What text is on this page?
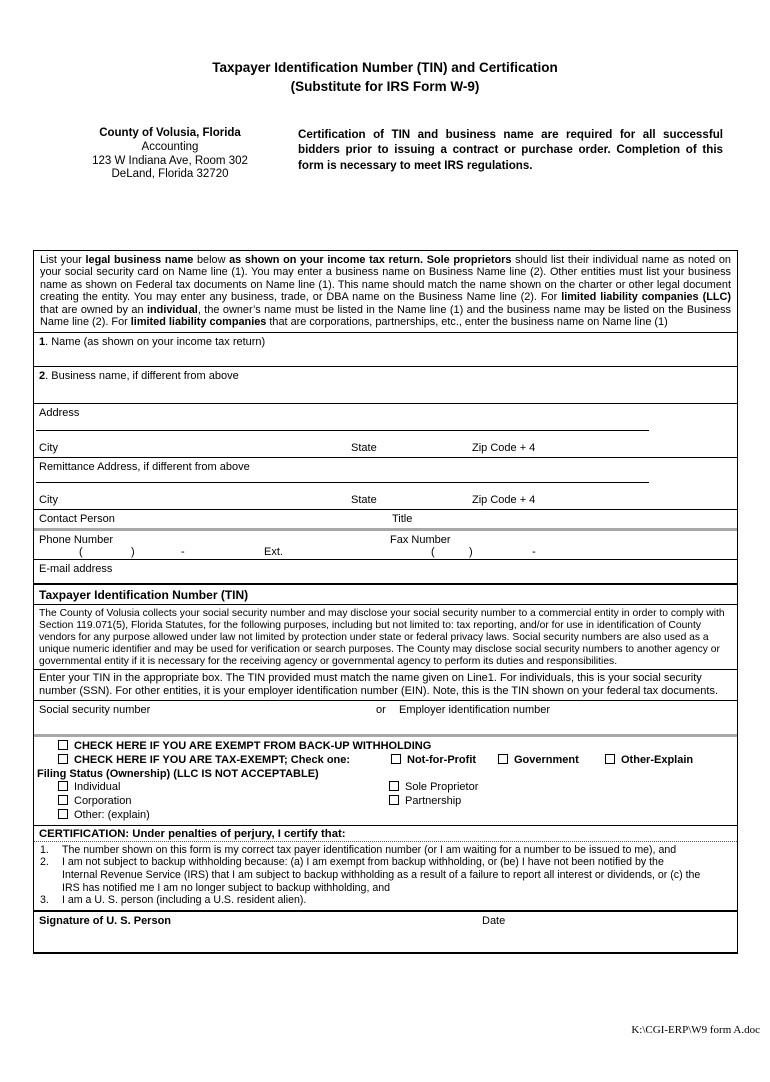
Taxpayer Identification Number (TIN) and Certification
(Substitute for IRS Form W-9)
County of Volusia, Florida
Accounting
123 W Indiana Ave, Room 302
DeLand, Florida 32720
Certification of TIN and business name are required for all successful bidders prior to issuing a contract or purchase order. Completion of this form is necessary to meet IRS regulations.
List your legal business name below as shown on your income tax return. Sole proprietors should list their individual name as noted on your social security card on Name line (1). You may enter a business name on Business Name line (2). Other entities must list your business name as shown on Federal tax documents on Name line (1). This name should match the name shown on the charter or other legal document creating the entity. You may enter any business, trade, or DBA name on the Business Name line (2). For limited liability companies (LLC) that are owned by an individual, the owner’s name must be listed in the Name line (1) and the business name may be listed on the Business Name line (2). For limited liability companies that are corporations, partnerships, etc., enter the business name on Name line (1)
1. Name (as shown on your income tax return)
2. Business name, if different from above
Address
City	State	Zip Code + 4
Remittance Address, if different from above
City	State	Zip Code + 4
Contact Person	Title
Phone Number	Fax Number
(	)	-	Ext.	(	)	-
E-mail address
Taxpayer Identification Number (TIN)
The County of Volusia collects your social security number and may disclose your social security number to a commercial entity in order to comply with Section 119.071(5), Florida Statutes, for the following purposes, including but not limited to: tax reporting, and/or for use in identification of County vendors for any purpose allowed under law not limited by protection under state or federal privacy laws. Social security numbers are also used as a unique numeric identifier and may be used for verification or search purposes. The County may disclose social security numbers to another agency or governmental entity if it is necessary for the receiving agency or governmental agency to perform its duties and responsibilities.
Enter your TIN in the appropriate box. The TIN provided must match the name given on Line1. For individuals, this is your social security number (SSN). For other entities, it is your employer identification number (EIN). Note, this is the TIN shown on your federal tax documents.
Social security number	or Employer identification number
CHECK HERE IF YOU ARE EXEMPT FROM BACK-UP WITHHOLDING
CHECK HERE IF YOU ARE TAX-EXEMPT; Check one:	Not-for-Profit	Government	Other-Explain
Filing Status (Ownership) (LLC IS NOT ACCEPTABLE)
Individual	Sole Proprietor
Corporation	Partnership
Other: (explain)
CERTIFICATION: Under penalties of perjury, I certify that:
1.	The number shown on this form is my correct tax payer identification number (or I am waiting for a number to be issued to me), and
2.	I am not subject to backup withholding because: (a) I am exempt from backup withholding, or (be) I have not been notified by the Internal Revenue Service (IRS) that I am subject to backup withholding as a result of a failure to report all interest or dividends, or (c) the IRS has notified me I am no longer subject to backup withholding, and
3.	I am a U. S. person (including a U.S. resident alien).
Signature of U. S. Person	Date
K:\CGI-ERP\W9 form A.doc
